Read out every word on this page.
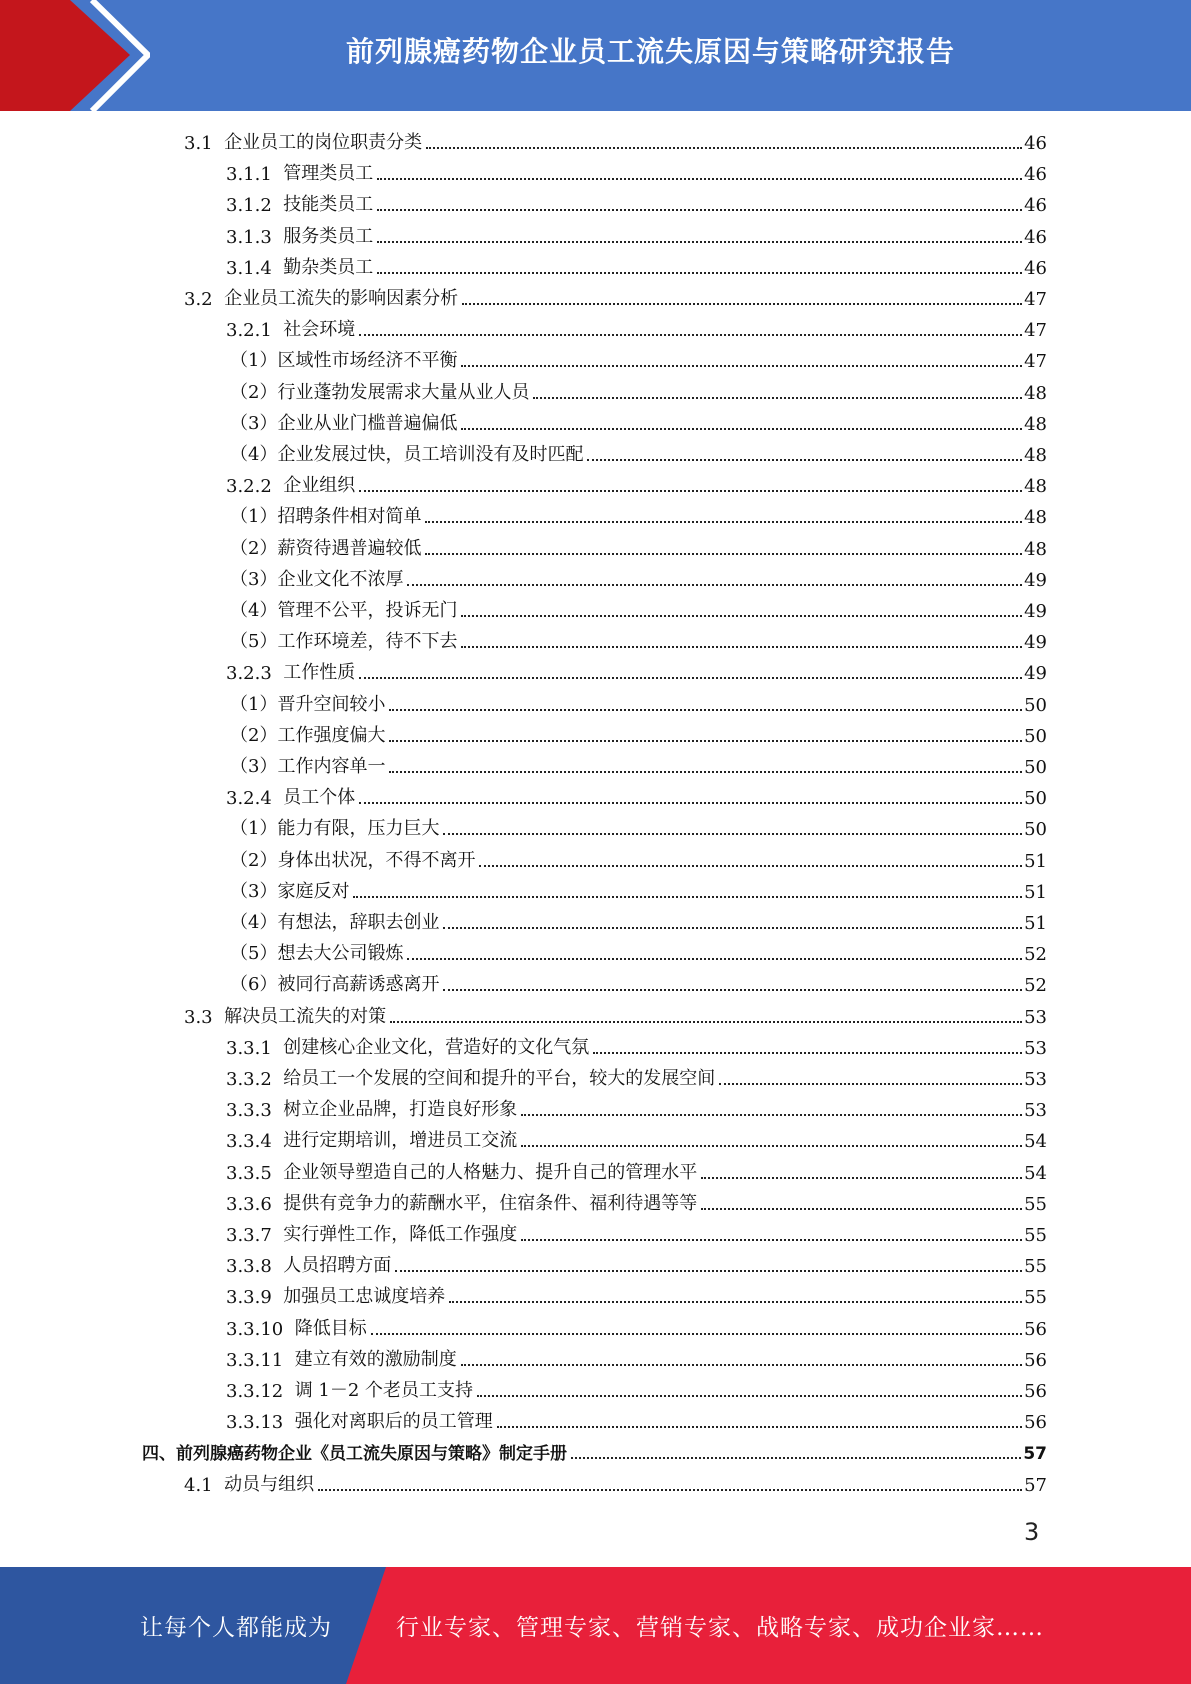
前列腺癌药物企业员工流失原因与策略研究报告
3.1 企业员工的岗位职责分类	46
3.1.1 管理类员工	46
3.1.2 技能类员工	46
3.1.3 服务类员工	46
3.1.4 勤杂类员工	46
3.2 企业员工流失的影响因素分析	47
3.2.1 社会环境	47
（1） 区域性市场经济不平衡	47
（2） 行业蓬勃发展需求大量从业人员	48
（3） 企业从业门槛普遍偏低	48
（4） 企业发展过快，员工培训没有及时匹配	48
3.2.2 企业组织	48
（1） 招聘条件相对简单	48
（2） 薪资待遇普遍较低	48
（3） 企业文化不浓厚	49
（4） 管理不公平，投诉无门	49
（5） 工作环境差，待不下去	49
3.2.3 工作性质	49
（1） 晋升空间较小	50
（2） 工作强度偏大	50
（3） 工作内容单一	50
3.2.4 员工个体	50
（1） 能力有限，压力巨大	50
（2） 身体出状况，不得不离开	51
（3） 家庭反对	51
（4） 有想法，辞职去创业	51
（5） 想去大公司锻炼	52
（6） 被同行高薪诱惑离开	52
3.3 解决员工流失的对策	53
3.3.1 创建核心企业文化，营造好的文化气氛	53
3.3.2 给员工一个发展的空间和提升的平台，较大的发展空间	53
3.3.3 树立企业品牌，打造良好形象	53
3.3.4 进行定期培训，增进员工交流	54
3.3.5 企业领导塑造自己的人格魅力、提升自己的管理水平	54
3.3.6 提供有竞争力的薪酬水平，住宿条件、福利待遇等等	55
3.3.7 实行弹性工作，降低工作强度	55
3.3.8 人员招聘方面	55
3.3.9 加强员工忠诚度培养	55
3.3.10 降低目标	56
3.3.11 建立有效的激励制度	56
3.3.12 调 1－2 个老员工支持	56
3.3.13 强化对离职后的员工管理	56
四、前列腺癌药物企业《员工流失原因与策略》制定手册	57
4.1 动员与组织	57
3
让每个人都能成为	行业专家、管理专家、营销专家、战略专家、成功企业家……
